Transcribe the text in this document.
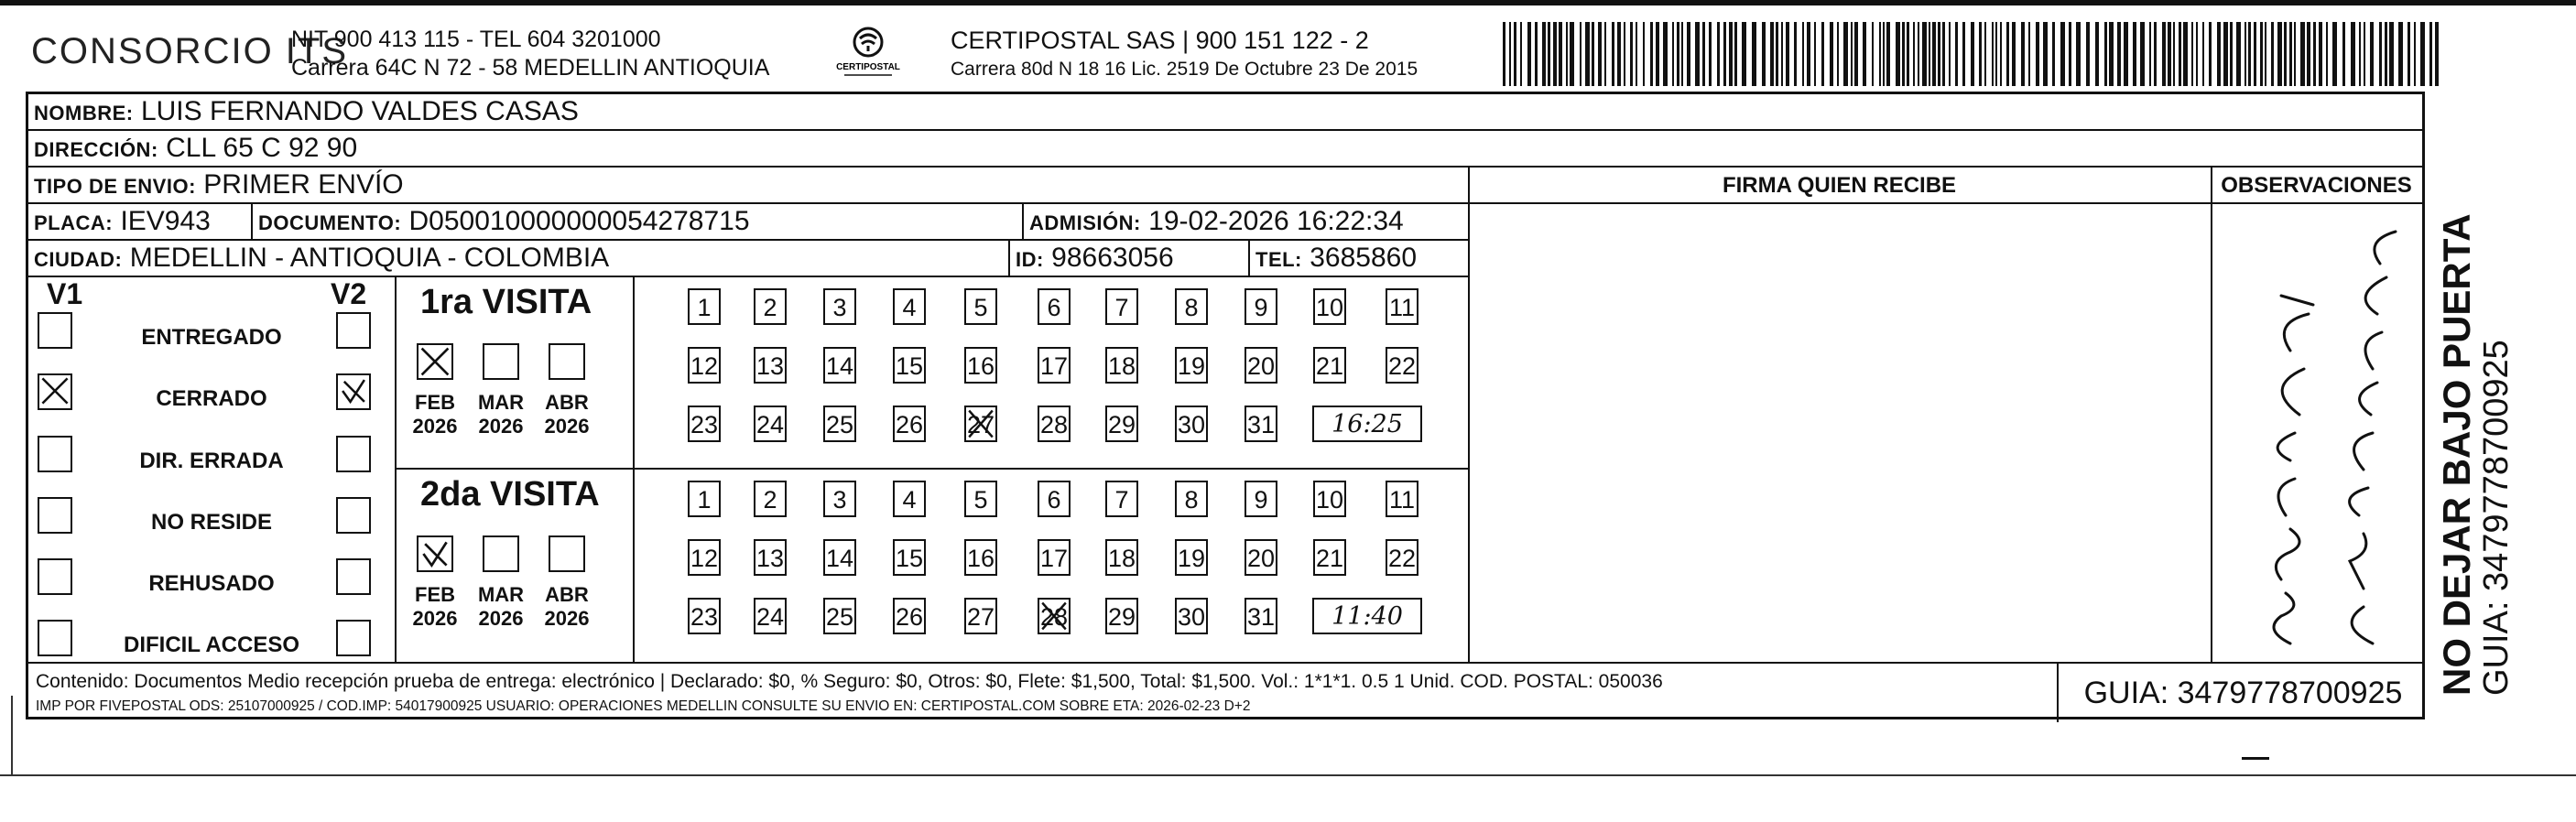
CONSORCIO ITS
NIT 900 413 115 - TEL 604 3201000
Carrera 64C N 72 - 58 MEDELLIN ANTIOQUIA	CERTIPOSTAL
CERTIPOSTAL SAS | 900 151 122 - 2
Carrera 80d N 18 16 Lic. 2519 De Octubre 23 De 2015
NOMBRE: LUIS FERNANDO VALDES CASAS
DIRECCIÓN: CLL 65 C 92 90
TIPO DE ENVIO: PRIMER ENVÍO
PLACA: IEV943	DOCUMENTO: D050010000000054278715	ADMISIÓN: 19-02-2026 16:22:34
CIUDAD: MEDELLIN - ANTIOQUIA - COLOMBIA	ID: 98663056	TEL: 3685860
FIRMA QUIEN RECIBE	OBSERVACIONES
V1	V2
ENTREGADO
CERRADO
DIR. ERRADA
NO RESIDE
REHUSADO
DIFICIL ACCESO
1ra VISITA
FEB
2026
MAR
2026
ABR
2026
1	2	3	4	5	6	7	8	9	10 11
12 13 14 15 16 17 18 19 20 21 22
23 24 25 26 27 28 29 30 31	16:25
2da VISITA
FEB
2026
MAR
2026
ABR
2026
1	2	3	4	5	6	7	8	9	10 11
12 13 14 15 16 17 18 19 20 21 22
23 24 25 26 27 28 29 30 31	11:40
Contenido: Documentos Medio recepción prueba de entrega: electrónico | Declarado: $0, % Seguro: $0, Otros: $0, Flete: $1,500, Total: $1,500. Vol.: 1*1*1. 0.5 1 Unid. COD. POSTAL: 050036
IMP POR FIVEPOSTAL ODS: 25107000925 / COD.IMP: 54017900925 USUARIO: OPERACIONES MEDELLIN CONSULTE SU ENVIO EN: CERTIPOSTAL.COM SOBRE ETA: 2026-02-23 D+2	GUIA: 3479778700925 NO DEJAR BAJO PUERTA GUIA: 3479778700925
